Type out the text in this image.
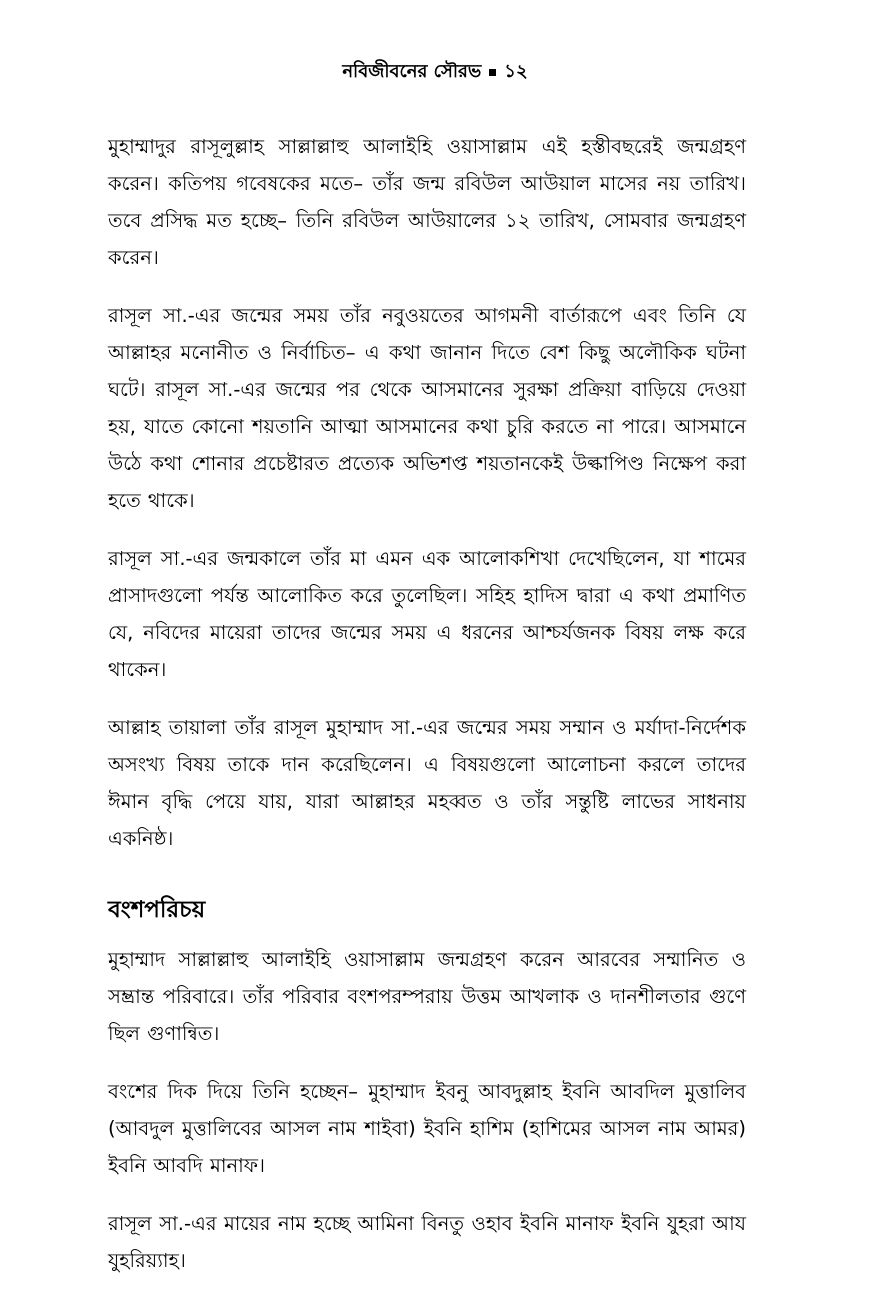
নবিজীবনের সৌরভ ১২

মুহাম্মাদুর রাসূলুল্লাহ সাল্লাল্লাহু আলাইহি ওয়াসাল্লাম এই হস্তীবছরেই জন্মগ্রহণ করেন। কতিপয় গবেষকের মতে– তাঁর জন্ম রবিউল আউয়াল মাসের নয় তারিখ। তবে প্রসিদ্ধ মত হচ্ছে– তিনি রবিউল আউয়ালের ১২ তারিখ, সোমবার জন্মগ্রহণ করেন।

রাসূল সা.-এর জন্মের সময় তাঁর নবুওয়তের আগমনী বার্তারূপে এবং তিনি যে আল্লাহর মনোনীত ও নির্বাচিত– এ কথা জানান দিতে বেশ কিছু অলৌকিক ঘটনা ঘটে। রাসূল সা.-এর জন্মের পর থেকে আসমানের সুরক্ষা প্রক্রিয়া বাড়িয়ে দেওয়া হয়, যাতে কোনো শয়তানি আত্মা আসমানের কথা চুরি করতে না পারে। আসমানে উঠে কথা শোনার প্রচেষ্টারত প্রত্যেক অভিশপ্ত শয়তানকেই উল্কাপিণ্ড নিক্ষেপ করা হতে থাকে।

রাসূল সা.-এর জন্মকালে তাঁর মা এমন এক আলোকশিখা দেখেছিলেন, যা শামের প্রাসাদগুলো পর্যন্ত আলোকিত করে তুলেছিল। সহিহ হাদিস দ্বারা এ কথা প্রমাণিত যে, নবিদের মায়েরা তাদের জন্মের সময় এ ধরনের আশ্চর্যজনক বিষয় লক্ষ করে থাকেন।

আল্লাহ তায়ালা তাঁর রাসূল মুহাম্মাদ সা.-এর জন্মের সময় সম্মান ও মর্যাদা-নির্দেশক অসংখ্য বিষয় তাকে দান করেছিলেন। এ বিষয়গুলো আলোচনা করলে তাদের ঈমান বৃদ্ধি পেয়ে যায়, যারা আল্লাহর মহব্বত ও তাঁর সন্তুষ্টি লাভের সাধনায় একনিষ্ঠ।

বংশপরিচয়

মুহাম্মাদ সাল্লাল্লাহু আলাইহি ওয়াসাল্লাম জন্মগ্রহণ করেন আরবের সম্মানিত ও সম্ভ্রান্ত পরিবারে। তাঁর পরিবার বংশপরম্পরায় উত্তম আখলাক ও দানশীলতার গুণে ছিল গুণান্বিত।

বংশের দিক দিয়ে তিনি হচ্ছেন– মুহাম্মাদ ইবনু আবদুল্লাহ ইবনি আবদিল মুত্তালিব (আবদুল মুত্তালিবের আসল নাম শাইবা) ইবনি হাশিম (হাশিমের আসল নাম আমর) ইবনি আবদি মানাফ।

রাসূল সা.-এর মায়ের নাম হচ্ছে আমিনা বিনতু ওহাব ইবনি মানাফ ইবনি যুহরা আয যুহরিয়্যাহ।
